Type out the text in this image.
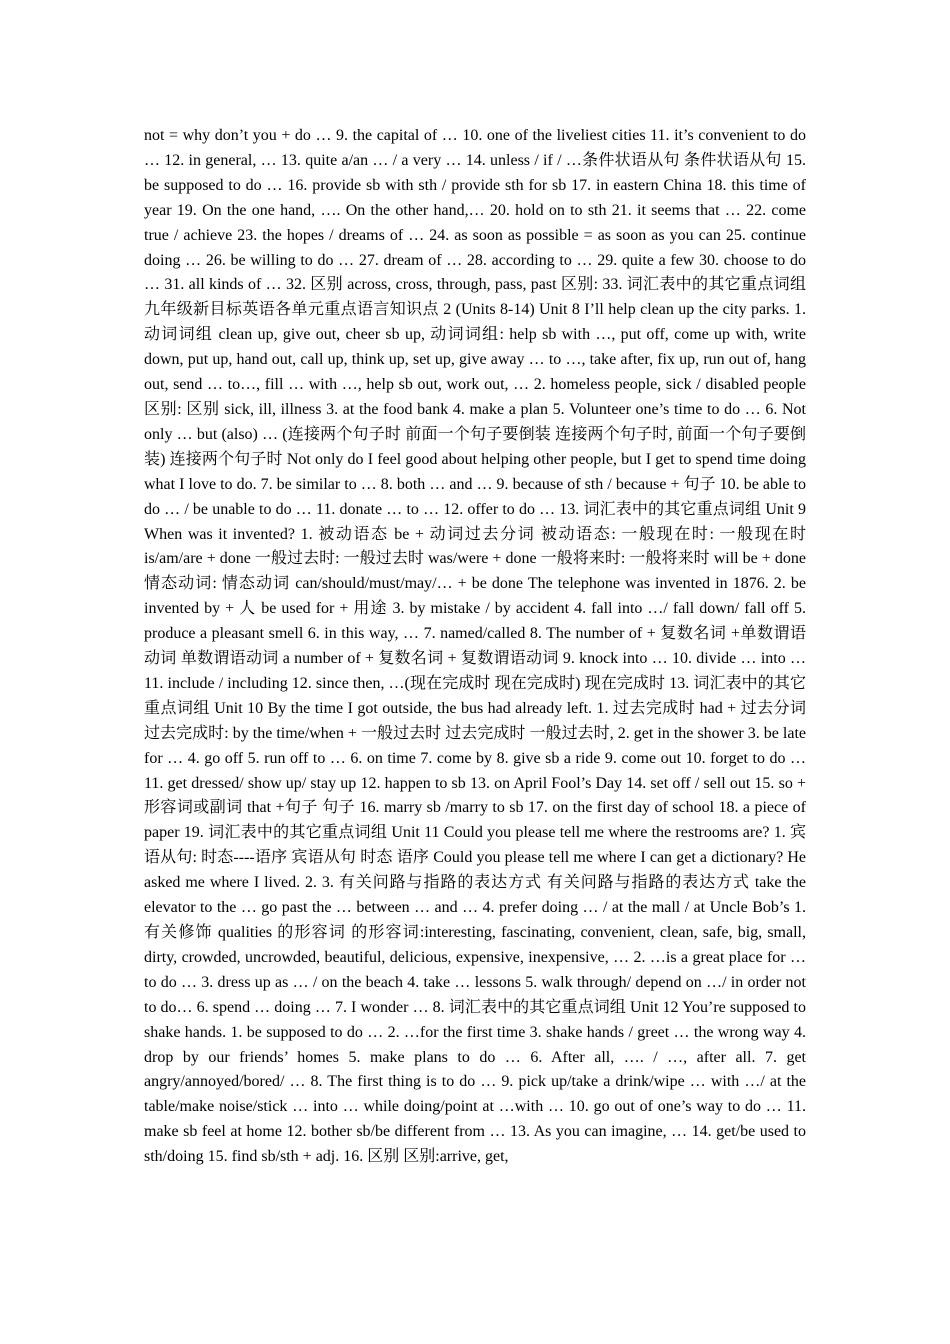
not = why don’t you + do … 9. the capital of … 10. one of the liveliest cities 11. it’s convenient to do … 12. in general, … 13. quite a/an … / a very … 14. unless / if / …条件状语从句 条件状语从句 15. be supposed to do … 16. provide sb with sth / provide sth for sb 17. in eastern China 18. this time of year 19. On the one hand, …. On the other hand,… 20. hold on to sth 21. it seems that … 22. come true / achieve 23. the hopes / dreams of … 24. as soon as possible = as soon as you can 25. continue doing … 26. be willing to do … 27. dream of … 28. according to … 29. quite a few 30. choose to do … 31. all kinds of … 32. 区别 across, cross, through, pass, past 区别: 33. 词汇表中的其它重点词组 九年级新目标英语各单元重点语言知识点 2 (Units 8-14) Unit 8 I’ll help clean up the city parks. 1. 动词词组 clean up, give out, cheer sb up, 动词词组: help sb with …, put off, come up with, write down, put up, hand out, call up, think up, set up, give away … to …, take after, fix up, run out of, hang out, send … to…, fill … with …, help sb out, work out, … 2. homeless people, sick / disabled people 区别: 区别 sick, ill, illness 3. at the food bank 4. make a plan 5. Volunteer one’s time to do … 6. Not only … but (also) … (连接两个句子时 前面一个句子要倒装 连接两个句子时, 前面一个句子要倒装) 连接两个句子时 Not only do I feel good about helping other people, but I get to spend time doing what I love to do. 7. be similar to … 8. both … and … 9. because of sth / because + 句子 10. be able to do … / be unable to do … 11. donate … to … 12. offer to do … 13. 词汇表中的其它重点词组 Unit 9 When was it invented? 1. 被动语态 be + 动词过去分词 被动语态: 一般现在时: 一般现在时 is/am/are + done 一般过去时: 一般过去时 was/were + done 一般将来时: 一般将来时 will be + done 情态动词: 情态动词 can/should/must/may/… + be done The telephone was invented in 1876. 2. be invented by + 人 be used for + 用途 3. by mistake / by accident 4. fall into …/ fall down/ fall off 5. produce a pleasant smell 6. in this way, … 7. named/called 8. The number of + 复数名词 +单数谓语动词 单数谓语动词 a number of + 复数名词 + 复数谓语动词 9. knock into … 10. divide … into … 11. include / including 12. since then, …(现在完成时 现在完成时) 现在完成时 13. 词汇表中的其它重点词组 Unit 10 By the time I got outside, the bus had already left. 1. 过去完成时 had + 过去分词 过去完成时: by the time/when + 一般过去时 过去完成时 一般过去时, 2. get in the shower 3. be late for … 4. go off 5. run off to … 6. on time 7. come by 8. give sb a ride 9. come out 10. forget to do … 11. get dressed/ show up/ stay up 12. happen to sb 13. on April Fool’s Day 14. set off / sell out 15. so + 形容词或副词 that +句子 句子 16. marry sb /marry to sb 17. on the first day of school 18. a piece of paper 19. 词汇表中的其它重点词组 Unit 11 Could you please tell me where the restrooms are? 1. 宾语从句: 时态----语序 宾语从句 时态 语序 Could you please tell me where I can get a dictionary? He asked me where I lived. 2. 3. 有关问路与指路的表达方式 有关问路与指路的表达方式 take the elevator to the … go past the … between … and … 4. prefer doing … / at the mall / at Uncle Bob’s 1. 有关修饰 qualities 的形容词 的形容词:interesting, fascinating, convenient, clean, safe, big, small, dirty, crowded, uncrowded, beautiful, delicious, expensive, inexpensive, … 2. …is a great place for … to do … 3. dress up as … / on the beach 4. take … lessons 5. walk through/ depend on …/ in order not to do… 6. spend … doing … 7. I wonder … 8. 词汇表中的其它重点词组 Unit 12 You’re supposed to shake hands. 1. be supposed to do … 2. …for the first time 3. shake hands / greet … the wrong way 4. drop by our friends’ homes 5. make plans to do … 6. After all, …. / …, after all. 7. get angry/annoyed/bored/ … 8. The first thing is to do … 9. pick up/take a drink/wipe … with …/ at the table/make noise/stick … into … while doing/point at …with … 10. go out of one’s way to do … 11. make sb feel at home 12. bother sb/be different from … 13. As you can imagine, … 14. get/be used to sth/doing 15. find sb/sth + adj. 16. 区别 区别:arrive, get,
